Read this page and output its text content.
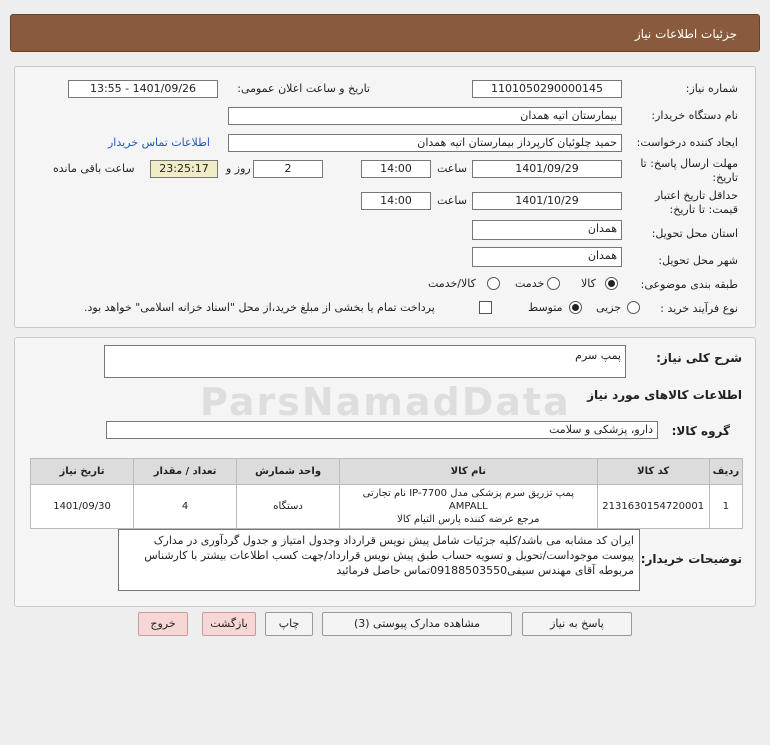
جزئیات اطلاعات نیاز
شماره نیاز:
1101050290000145
تاریخ و ساعت اعلان عمومی:
1401/09/26 - 13:55
نام دستگاه خریدار:
بیمارستان اتیه همدان
ایجاد کننده درخواست:
حمید چلوئیان کارپرداز بیمارستان اتیه همدان
اطلاعات تماس خریدار
مهلت ارسال پاسخ: تا
تاریخ:
1401/09/29
ساعت
14:00
2
روز و
23:25:17
ساعت باقی مانده
حداقل تاریخ اعتبار
قیمت: تا تاریخ:
1401/10/29
ساعت
14:00
استان محل تحویل:
همدان
شهر محل تحویل:
همدان
طبقه بندی موضوعی:
کالا
خدمت
کالا/خدمت
نوع فرآیند خرید :
جزیی
متوسط
پرداخت تمام یا بخشی از مبلغ خرید،از محل "اسناد خزانه اسلامی" خواهد بود.
شرح کلی نیاز:
پمپ سرم
اطلاعات کالاهای مورد نیاز
گروه کالا:
دارو، پزشکی و سلامت
ردیف	کد کالا	نام کالا	واحد شمارش	تعداد / مقدار	تاریخ نیاز
1	2131630154720001	پمپ تزریق سرم پزشکی مدل IP-7700 نام تجارتی AMPALL
مرجع عرضه کننده پارس التیام کالا	دستگاه	4	1401/09/30
توضیحات خریدار:
ایران کد مشابه می باشد/کلیه جزئیات شامل پیش نویس قرارداد وجدول امتیاز و جدول گردآوری در مدارک پیوست موجوداست/تحویل و تسویه حساب طبق پیش نویس قرارداد/جهت کسب اطلاعات بیشتر با کارشناس مربوطه آقای مهندس سیفی09188503550تماس حاصل فرمائید
پاسخ به نیاز
مشاهده مدارک پیوستی (3)
چاپ
بازگشت
خروج
